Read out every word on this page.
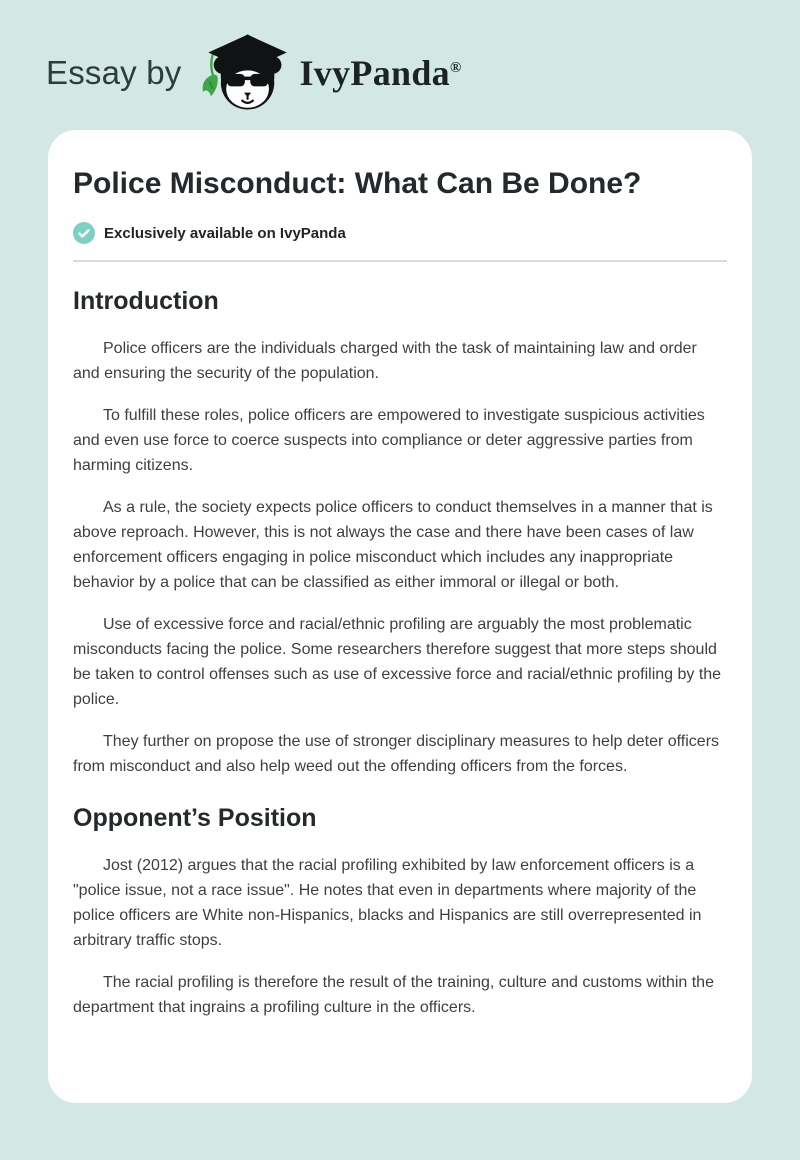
Essay by	IvyPanda®
Police Misconduct: What Can Be Done?
Exclusively available on IvyPanda
Introduction

Police officers are the individuals charged with the task of maintaining law and order and ensuring the security of the population.

To fulfill these roles, police officers are empowered to investigate suspicious activities and even use force to coerce suspects into compliance or deter aggressive parties from harming citizens.

As a rule, the society expects police officers to conduct themselves in a manner that is above reproach. However, this is not always the case and there have been cases of law enforcement officers engaging in police misconduct which includes any inappropriate behavior by a police that can be classified as either immoral or illegal or both.

Use of excessive force and racial/ethnic profiling are arguably the most problematic misconducts facing the police. Some researchers therefore suggest that more steps should be taken to control offenses such as use of excessive force and racial/ethnic profiling by the police.

They further on propose the use of stronger disciplinary measures to help deter officers from misconduct and also help weed out the offending officers from the forces.

Opponent’s Position

Jost (2012) argues that the racial profiling exhibited by law enforcement officers is a "police issue, not a race issue". He notes that even in departments where majority of the police officers are White non-Hispanics, blacks and Hispanics are still overrepresented in arbitrary traffic stops.

The racial profiling is therefore the result of the training, culture and customs within the department that ingrains a profiling culture in the officers.
